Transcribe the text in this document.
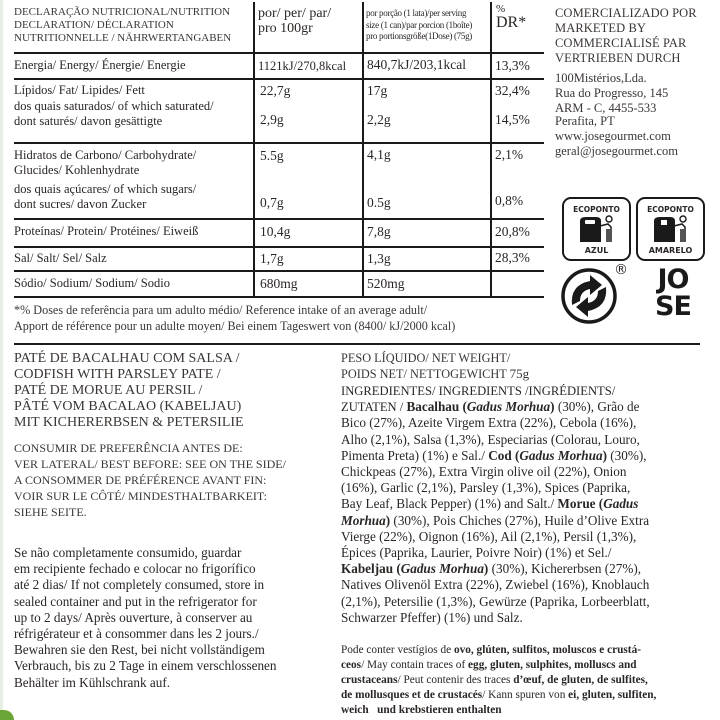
DECLARAÇÃO NUTRICIONAL/NUTRITION
DECLARATION/ DÉCLARATION
NUTRITIONNELLE / NÄHRWERTANGABEN
por/ per/ par/
pro 100gr
por porção (1 lata)/per serving
size (1 can)/par porcion (1boîte)
pro portionsgröße(1Dose) (75g)
%
DR*
Energia/ Energy/ Énergie/ Energie	1121kJ/270,8kcal 840,7kJ/203,1kcal 13,3%
Lípidos/ Fat/ Lipides/ Fett	22,7g	17g	32,4%
dos quais saturados/ of which saturated/
dont saturés/ davon gesättigte	2,9g	2,2g	14,5%
Hidratos de Carbono/ Carbohydrate/
Glucides/ Kohlenhydrate
5.5g	4,1g	2,1%
dos quais açúcares/ of which sugars/
dont sucres/ davon Zucker	0,7g	0.5g	0,8%
Proteínas/ Protein/ Protéines/ Eiweiß	10,4g	7,8g	20,8%
Sal/ Salt/ Sel/ Salz	1,7g	1,3g	28,3%
Sódio/ Sodium/ Sodium/ Sodio	680mg	520mg
*% Doses de referência para um adulto médio/ Reference intake of an average adult/
Apport de référence pour un adulte moyen/ Bei einem Tageswert von (8400/ kJ/2000 kcal)
COMERCIALIZADO POR
MARKETED BY
COMMERCIALISÉ PAR
VERTRIEBEN DURCH
100Mistérios,Lda.
Rua do Progresso, 145
ARM - C, 4455-533
Perafita, PT
www.josegourmet.com
geral@josegourmet.com
ECOPONTO
AZUL
ECOPONTO
AMARELO
® JO
SE
PATÉ DE BACALHAU COM SALSA /
CODFISH WITH PARSLEY PATE /
PATÉ DE MORUE AU PERSIL /
PÂTÉ VOM BACALAO (KABELJAU)
MIT KICHERERBSEN & PETERSILIE
CONSUMIR DE PREFERÊNCIA ANTES DE:
VER LATERAL/ BEST BEFORE: SEE ON THE SIDE/
A CONSOMMER DE PRÉFÉRENCE AVANT FIN:
VOIR SUR LE CÔTÉ/ MINDESTHALTBARKEIT:
SIEHE SEITE.
Se não completamente consumido, guardar
em recipiente fechado e colocar no frigorífico
até 2 dias/ If not completely consumed, store in
sealed container and put in the refrigerator for
up to 2 days/ Après ouverture, à conserver au
réfrigérateur et à consommer dans les 2 jours./
Bewahren sie den Rest, bei nicht vollständigem
Verbrauch, bis zu 2 Tage in einem verschlossenen
Behälter im Kühlschrank auf.
PESO LÍQUIDO/ NET WEIGHT/
POIDS NET/ NETTOGEWICHT 75g
INGREDIENTES/ INGREDIENTS /INGRÉDIENTS/
ZUTATEN / Bacalhau (Gadus Morhua) (30%), Grão de
Bico (27%), Azeite Virgem Extra (22%), Cebola (16%),
Alho (2,1%), Salsa (1,3%), Especiarias (Colorau, Louro,
Pimenta Preta) (1%) e Sal./ Cod (Gadus Morhua) (30%),
Chickpeas (27%), Extra Virgin olive oil (22%), Onion
(16%), Garlic (2,1%), Parsley (1,3%), Spices (Paprika,
Bay Leaf, Black Pepper) (1%) and Salt./ Morue (Gadus
Morhua) (30%), Pois Chiches (27%), Huile d’Olive Extra
Vierge (22%), Oignon (16%), Ail (2,1%), Persil (1,3%),
Épices (Paprika, Laurier, Poivre Noir) (1%) et Sel./
Kabeljau (Gadus Morhua) (30%), Kichererbsen (27%),
Natives Olivenöl Extra (22%), Zwiebel (16%), Knoblauch
(2,1%), Petersilie (1,3%), Gewürze (Paprika, Lorbeerblatt,
Schwarzer Pfeffer) (1%) und Salz.
Pode conter vestígios de ovo, glúten, sulfitos, moluscos e crustá-
ceos/ May contain traces of egg, gluten, sulphites, molluscs and
crustaceans/ Peut contenir des traces d’œuf, de gluten, de sulfites,
de mollusques et de crustacés/ Kann spuren von ei, gluten, sulfiten,
weich   und krebstieren enthalten
